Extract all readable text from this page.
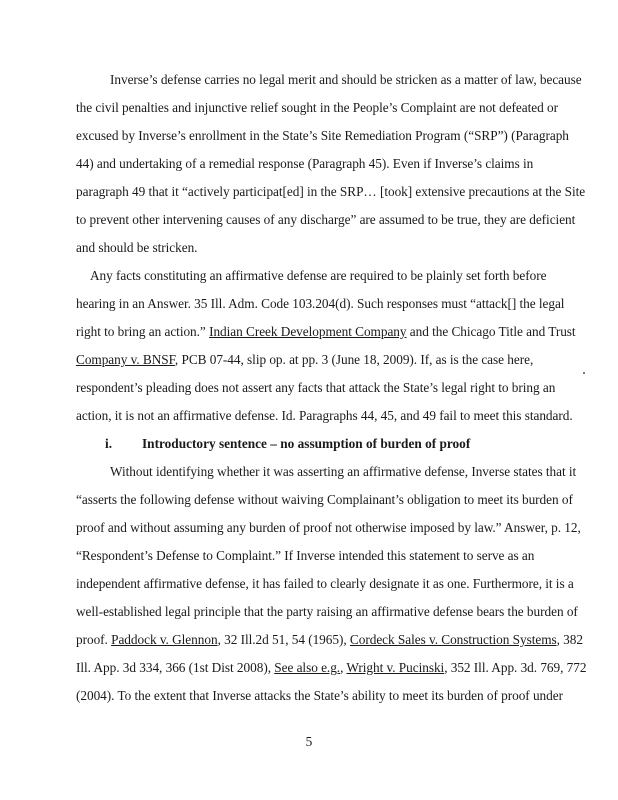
Inverse’s defense carries no legal merit and should be stricken as a matter of law, because
the civil penalties and injunctive relief sought in the People’s Complaint are not defeated or
excused by Inverse’s enrollment in the State’s Site Remediation Program (“SRP”) (Paragraph
44) and undertaking of a remedial response (Paragraph 45). Even if Inverse’s claims in
paragraph 49 that it “actively participat[ed] in the SRP… [took] extensive precautions at the Site
to prevent other intervening causes of any discharge” are assumed to be true, they are deficient
and should be stricken.
Any facts constituting an affirmative defense are required to be plainly set forth before
hearing in an Answer. 35 Ill. Adm. Code 103.204(d). Such responses must “attack[] the legal
right to bring an action.” Indian Creek Development Company and the Chicago Title and Trust
Company v. BNSF, PCB 07-44, slip op. at pp. 3 (June 18, 2009). If, as is the case here,
respondent’s pleading does not assert any facts that attack the State’s legal right to bring an
action, it is not an affirmative defense. Id. Paragraphs 44, 45, and 49 fail to meet this standard.
i. Introductory sentence – no assumption of burden of proof
Without identifying whether it was asserting an affirmative defense, Inverse states that it
“asserts the following defense without waiving Complainant’s obligation to meet its burden of
proof and without assuming any burden of proof not otherwise imposed by law.” Answer, p. 12,
“Respondent’s Defense to Complaint.” If Inverse intended this statement to serve as an
independent affirmative defense, it has failed to clearly designate it as one. Furthermore, it is a
well-established legal principle that the party raising an affirmative defense bears the burden of
proof. Paddock v. Glennon, 32 Ill.2d 51, 54 (1965), Cordeck Sales v. Construction Systems, 382
Ill. App. 3d 334, 366 (1st Dist 2008), See also e.g., Wright v. Pucinski, 352 Ill. App. 3d. 769, 772
(2004). To the extent that Inverse attacks the State’s ability to meet its burden of proof under
5
